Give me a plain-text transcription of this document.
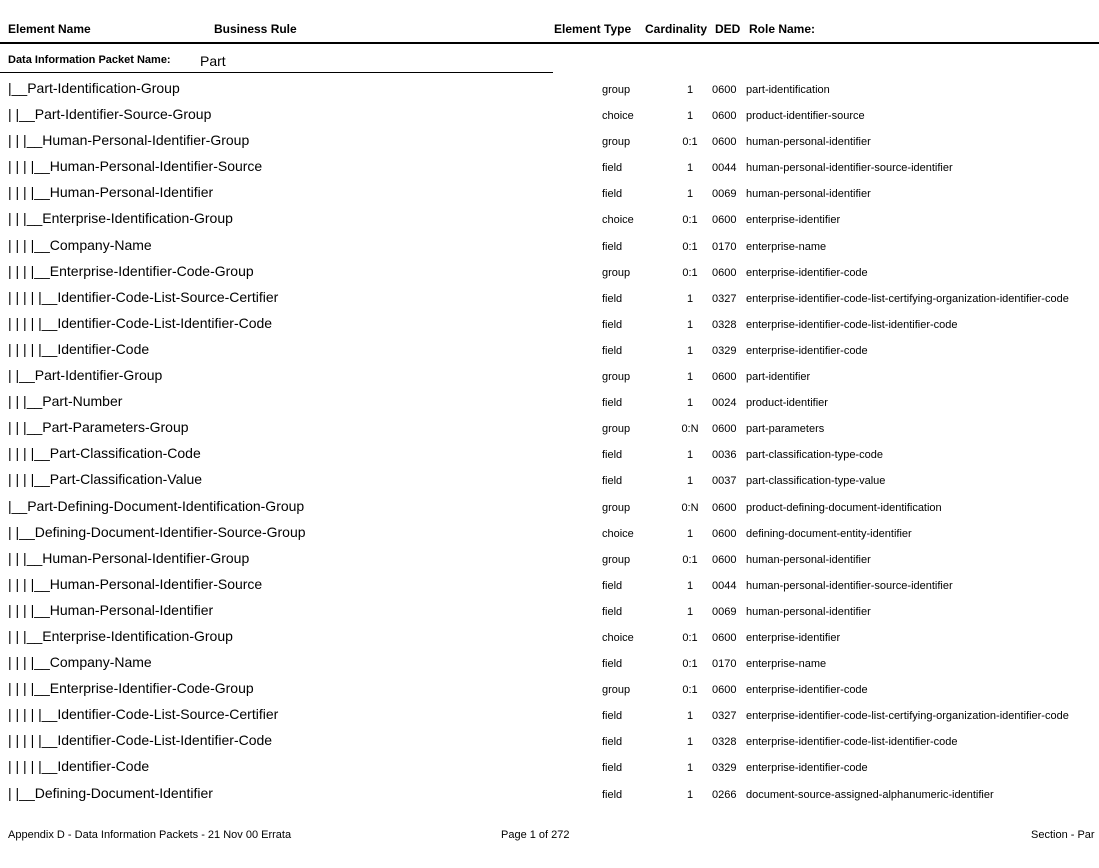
Element Name	Business Rule	Element Type Cardinality DED Role Name:
Data Information Packet Name: Part
|__Part-Identification-Group	group	1	0600 part-identification
| |__Part-Identifier-Source-Group	choice	1	0600 product-identifier-source
| | |__Human-Personal-Identifier-Group	group	0:1	0600 human-personal-identifier
| | | |__Human-Personal-Identifier-Source	field	1	0044 human-personal-identifier-source-identifier
| | | |__Human-Personal-Identifier	field	1	0069 human-personal-identifier
| | |__Enterprise-Identification-Group	choice	0:1	0600 enterprise-identifier
| | | |__Company-Name	field	0:1	0170 enterprise-name
| | | |__Enterprise-Identifier-Code-Group	group	0:1	0600 enterprise-identifier-code
| | | | |__Identifier-Code-List-Source-Certifier	field	1	0327 enterprise-identifier-code-list-certifying-organization-identifier-code
| | | | |__Identifier-Code-List-Identifier-Code	field	1	0328 enterprise-identifier-code-list-identifier-code
| | | | |__Identifier-Code	field	1	0329 enterprise-identifier-code
| |__Part-Identifier-Group	group	1	0600 part-identifier
| | |__Part-Number	field	1	0024 product-identifier
| | |__Part-Parameters-Group	group	0:N	0600 part-parameters
| | | |__Part-Classification-Code	field	1	0036 part-classification-type-code
| | | |__Part-Classification-Value	field	1	0037 part-classification-type-value
|__Part-Defining-Document-Identification-Group	group	0:N	0600 product-defining-document-identification
| |__Defining-Document-Identifier-Source-Group	choice	1	0600 defining-document-entity-identifier
| | |__Human-Personal-Identifier-Group	group	0:1	0600 human-personal-identifier
| | | |__Human-Personal-Identifier-Source	field	1	0044 human-personal-identifier-source-identifier
| | | |__Human-Personal-Identifier	field	1	0069 human-personal-identifier
| | |__Enterprise-Identification-Group	choice	0:1	0600 enterprise-identifier
| | | |__Company-Name	field	0:1	0170 enterprise-name
| | | |__Enterprise-Identifier-Code-Group	group	0:1	0600 enterprise-identifier-code
| | | | |__Identifier-Code-List-Source-Certifier	field	1	0327 enterprise-identifier-code-list-certifying-organization-identifier-code
| | | | |__Identifier-Code-List-Identifier-Code	field	1	0328 enterprise-identifier-code-list-identifier-code
| | | | |__Identifier-Code	field	1	0329 enterprise-identifier-code
| |__Defining-Document-Identifier	field	1	0266 document-source-assigned-alphanumeric-identifier
Appendix D - Data Information Packets - 21 Nov 00 Errata	Page 1 of 272	Section - Par
